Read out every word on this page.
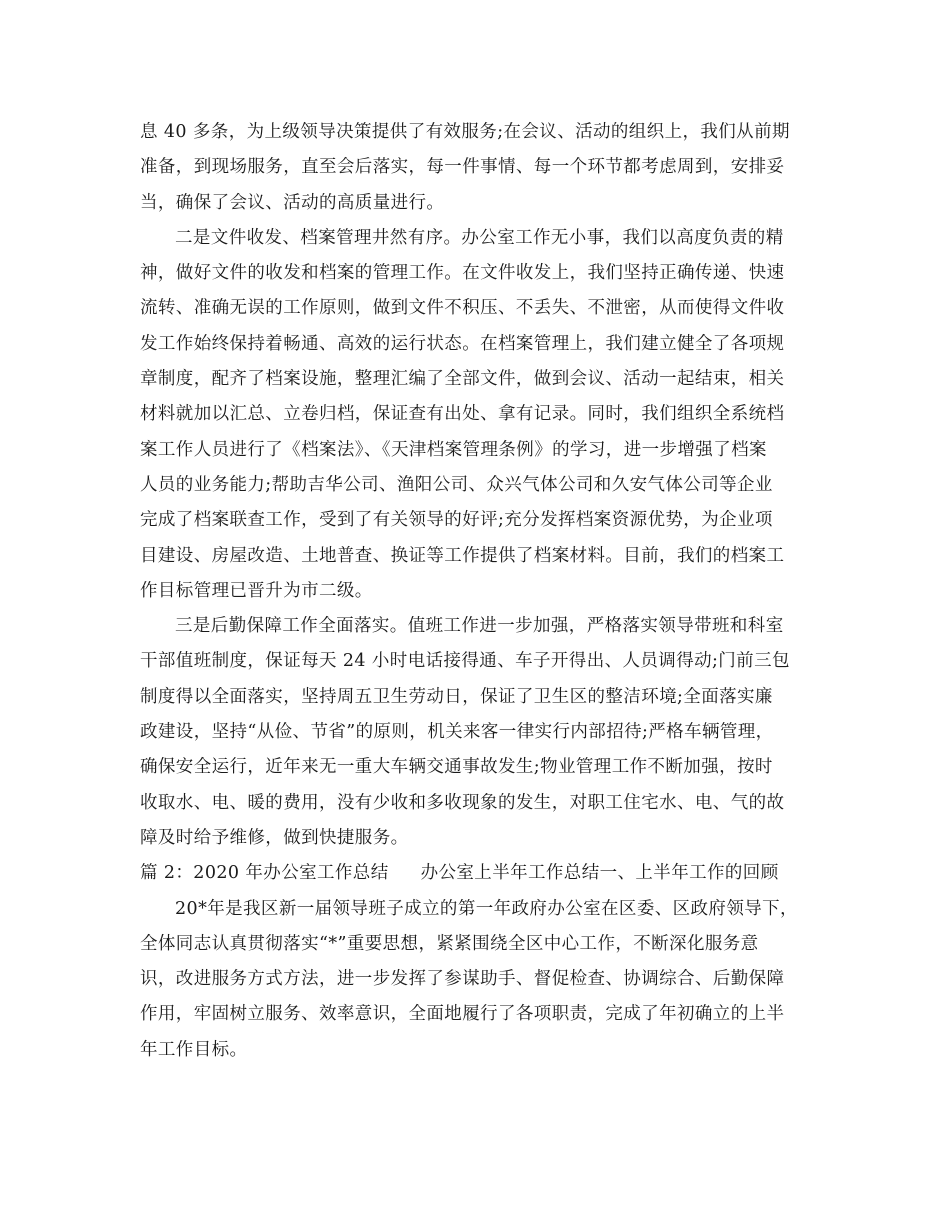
息 40 多条，为上级领导决策提供了有效服务;在会议、活动的组织上，我们从前期
准备，到现场服务，直至会后落实，每一件事情、每一个环节都考虑周到，安排妥
当，确保了会议、活动的高质量进行。
二是文件收发、档案管理井然有序。办公室工作无小事，我们以高度负责的精
神，做好文件的收发和档案的管理工作。在文件收发上，我们坚持正确传递、快速
流转、准确无误的工作原则，做到文件不积压、不丢失、不泄密，从而使得文件收
发工作始终保持着畅通、高效的运行状态。在档案管理上，我们建立健全了各项规
章制度，配齐了档案设施，整理汇编了全部文件，做到会议、活动一起结束，相关
材料就加以汇总、立卷归档，保证查有出处、拿有记录。同时，我们组织全系统档
案工作人员进行了《档案法》、《天津档案管理条例》的学习，进一步增强了档案
人员的业务能力;帮助吉华公司、渔阳公司、众兴气体公司和久安气体公司等企业
完成了档案联查工作，受到了有关领导的好评;充分发挥档案资源优势，为企业项
目建设、房屋改造、土地普查、换证等工作提供了档案材料。目前，我们的档案工
作目标管理已晋升为市二级。
三是后勤保障工作全面落实。值班工作进一步加强，严格落实领导带班和科室
干部值班制度，保证每天 24 小时电话接得通、车子开得出、人员调得动;门前三包
制度得以全面落实，坚持周五卫生劳动日，保证了卫生区的整洁环境;全面落实廉
政建设，坚持“从俭、节省”的原则，机关来客一律实行内部招待;严格车辆管理，
确保安全运行，近年来无一重大车辆交通事故发生;物业管理工作不断加强，按时
收取水、电、暖的费用，没有少收和多收现象的发生，对职工住宅水、电、气的故
障及时给予维修，做到快捷服务。
篇 2：2020 年办公室工作总结 办公室上半年工作总结一、上半年工作的回顾
20*年是我区新一届领导班子成立的第一年政府办公室在区委、区政府领导下，
全体同志认真贯彻落实“*”重要思想，紧紧围绕全区中心工作，不断深化服务意
识，改进服务方式方法，进一步发挥了参谋助手、督促检查、协调综合、后勤保障
作用，牢固树立服务、效率意识，全面地履行了各项职责，完成了年初确立的上半
年工作目标。
